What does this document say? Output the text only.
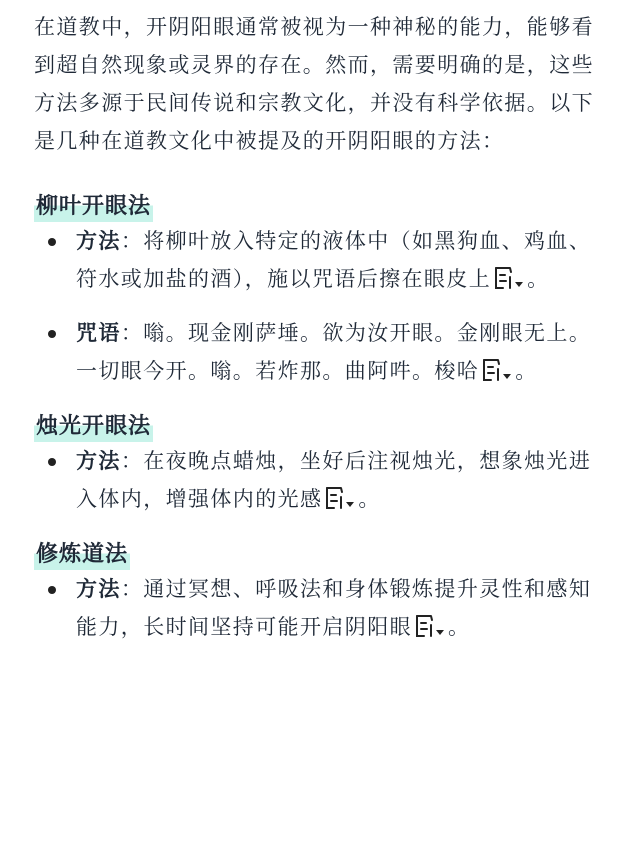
在道教中，开阴阳眼通常被视为一种神秘的能力，能够看到超自然现象或灵界的存在。然而，需要明确的是，这些方法多源于民间传说和宗教文化，并没有科学依据。以下是几种在道教文化中被提及的开阴阳眼的方法：

柳叶开眼法
方法：将柳叶放入特定的液体中（如黑狗血、鸡血、符水或加盐的酒），施以咒语后擦在眼皮上 。
咒语：嗡。现金刚萨埵。欲为汝开眼。金刚眼无上。一切眼今开。嗡。若炸那。曲阿吽。梭哈 。
烛光开眼法
方法：在夜晚点蜡烛，坐好后注视烛光，想象烛光进入体内，增强体内的光感 。
修炼道法
方法：通过冥想、呼吸法和身体锻炼提升灵性和感知能力，长时间坚持可能开启阴阳眼 。
